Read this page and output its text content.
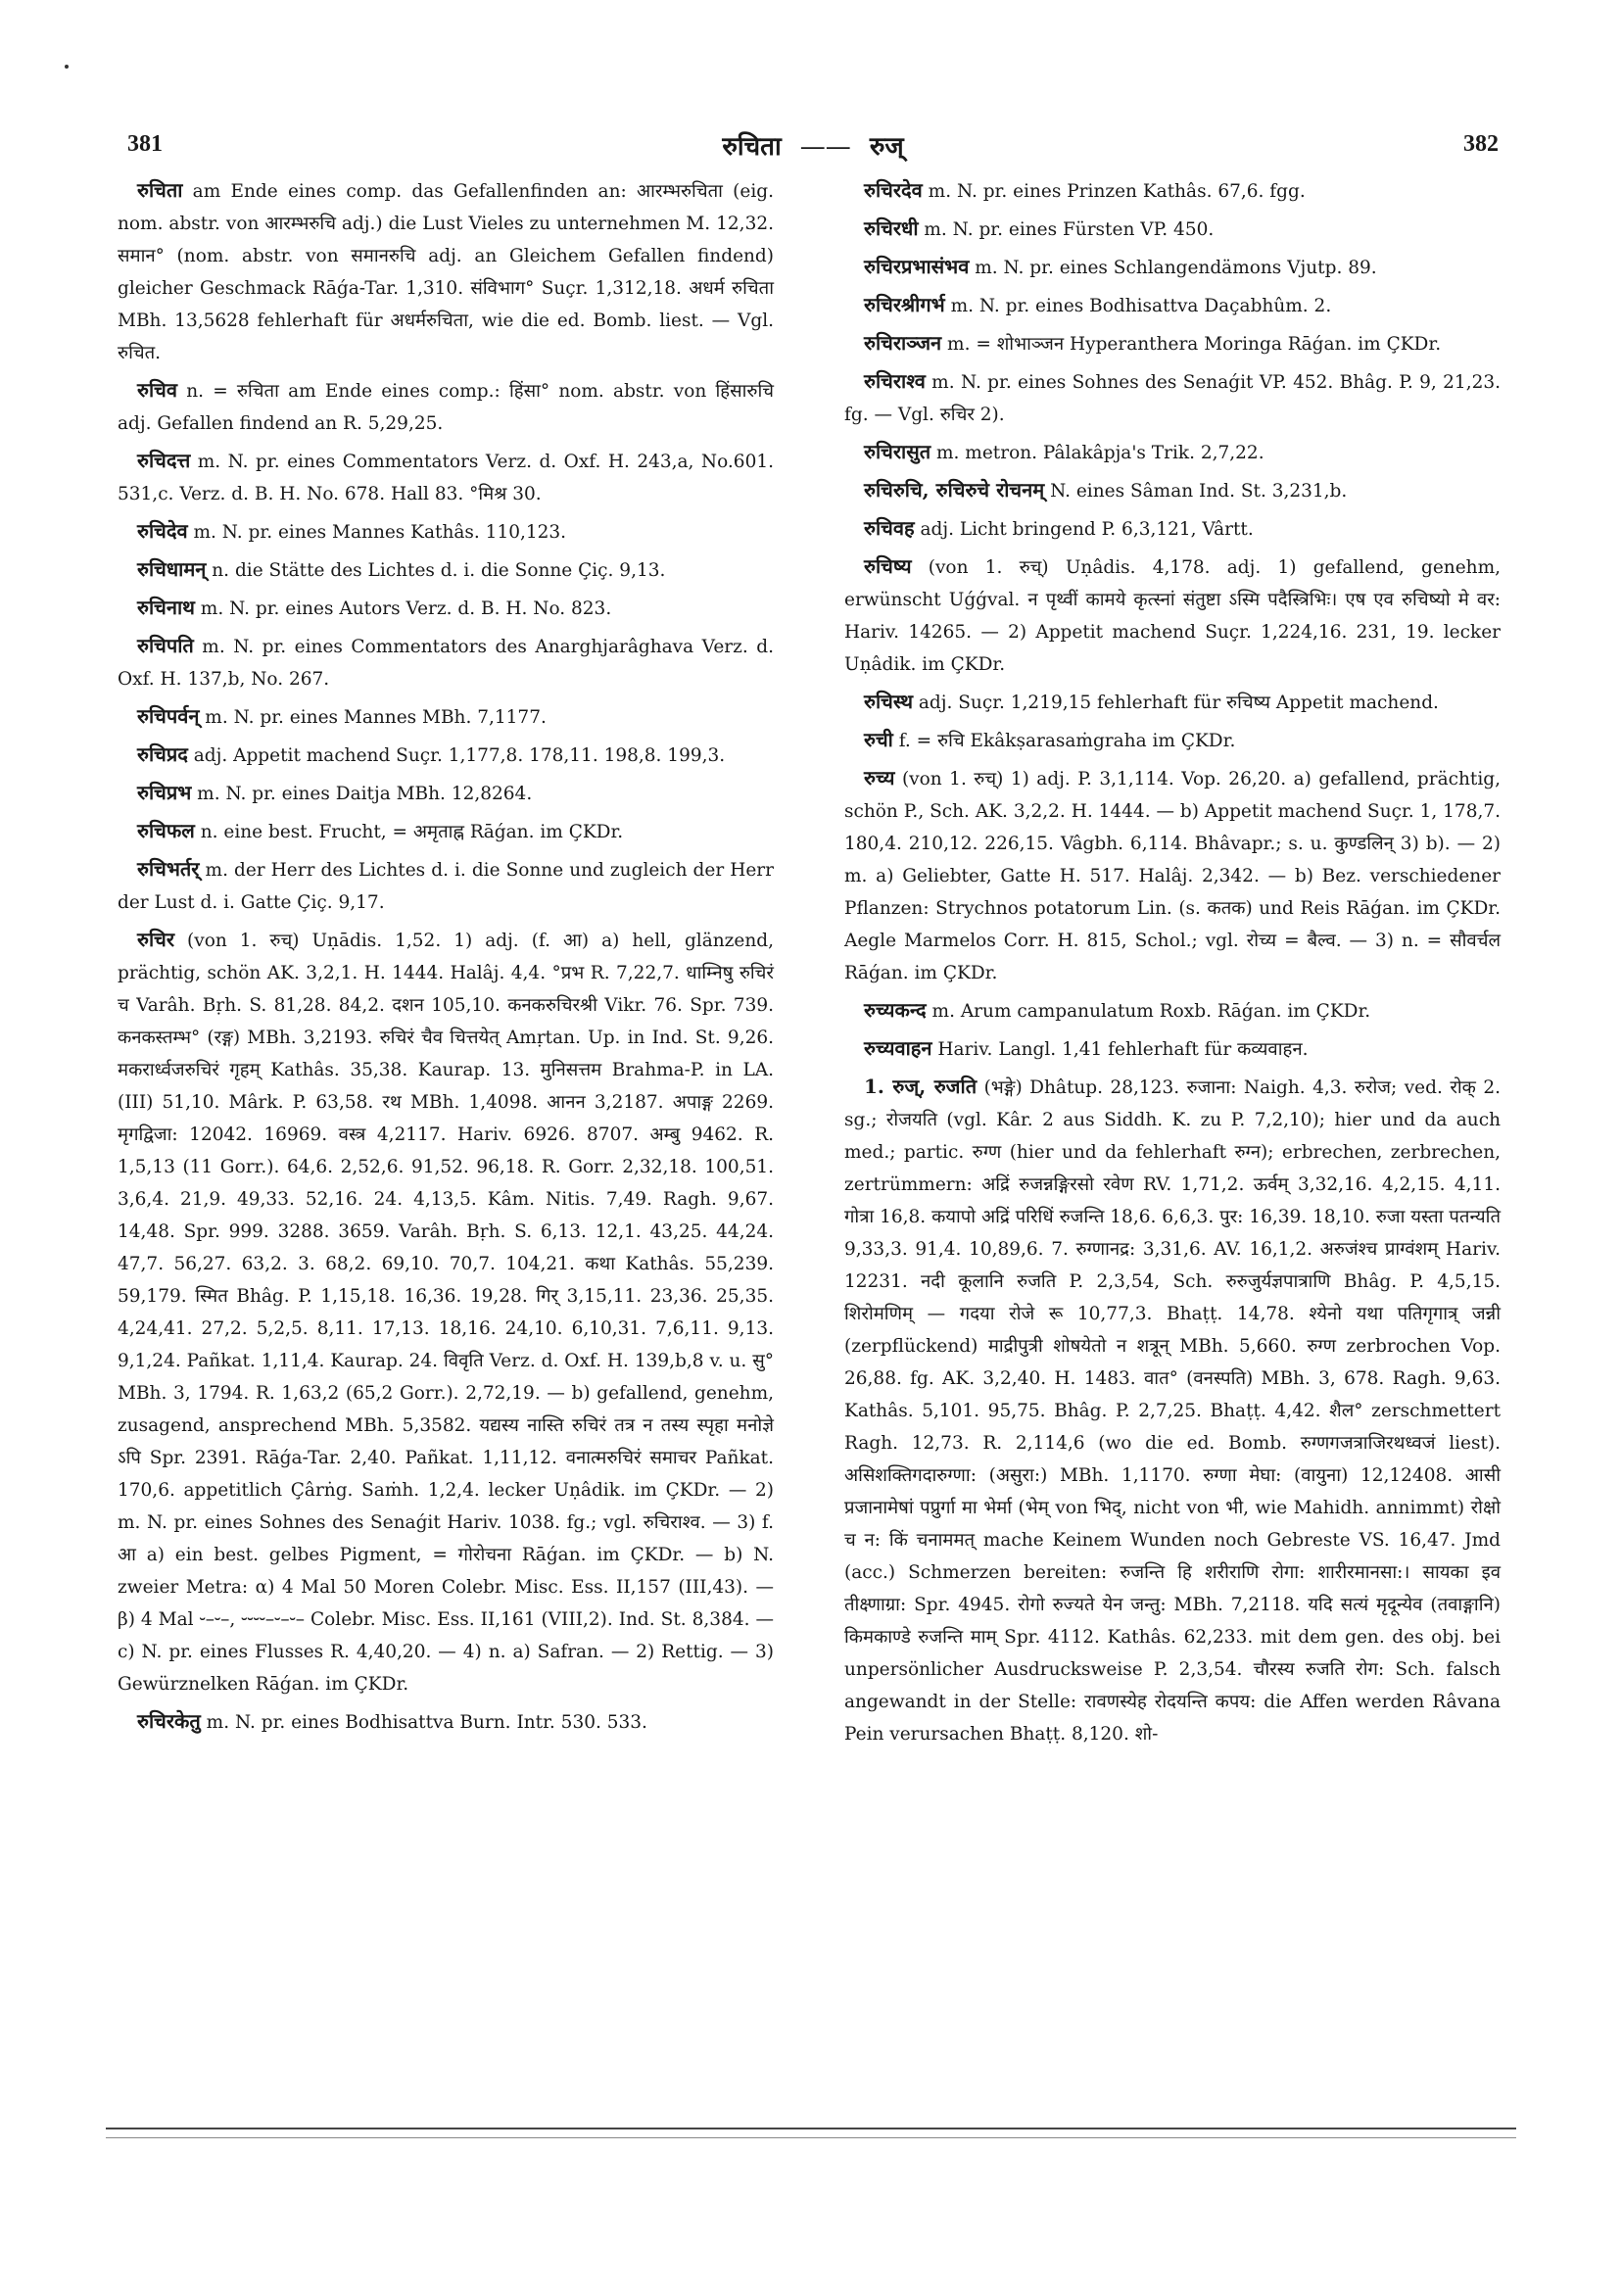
381	रुचिता —— रुज्	382

रुचिता am Ende eines comp. das Gefallenfinden an: आरम्भरुचिता (eig. nom. abstr. von आरम्भरुचि adj.) die Lust Vieles zu unternehmen M. 12,32. समान° (nom. abstr. von समानरुचि adj. an Gleichem Gefallen findend) gleicher Geschmack Rāǵa-Tar. 1,310. संविभाग° Suçr. 1,312,18. अधर्म रुचिता MBh. 13,5628 fehlerhaft für अधर्मरुचिता, wie die ed. Bomb. liest. — Vgl. रुचित.

रुचिव n. = रुचिता am Ende eines comp.: हिंसा° nom. abstr. von हिंसारुचि adj. Gefallen findend an R. 5,29,25.

रुचिदत्त m. N. pr. eines Commentators Verz. d. Oxf. H. 243,a, No.601. 531,c. Verz. d. B. H. No. 678. Hall 83. °मिश्र 30.

रुचिदेव m. N. pr. eines Mannes Kathâs. 110,123.

रुचिधामन् n. die Stätte des Lichtes d. i. die Sonne Çiç. 9,13.

रुचिनाथ m. N. pr. eines Autors Verz. d. B. H. No. 823.

रुचिपति m. N. pr. eines Commentators des Anarghjarâghava Verz. d. Oxf. H. 137,b, No. 267.

रुचिपर्वन् m. N. pr. eines Mannes MBh. 7,1177.

रुचिप्रद adj. Appetit machend Suçr. 1,177,8. 178,11. 198,8. 199,3.

रुचिप्रभ m. N. pr. eines Daitja MBh. 12,8264.

रुचिफल n. eine best. Frucht, = अमृताह्न Rāǵan. im ÇKDr.

रुचिभर्तर् m. der Herr des Lichtes d. i. die Sonne und zugleich der Herr der Lust d. i. Gatte Çiç. 9,17.

रुचिर (von 1. रुच्) Uṇādis. 1,52. 1) adj. (f. आ) a) hell, glänzend, prächtig, schön AK. 3,2,1. H. 1444. Halâj. 4,4. °प्रभ R. 7,22,7. धाम्निषु रुचिरं च Varâh. Bṛh. S. 81,28. 84,2. दशन 105,10. कनकरुचिरश्री Vikr. 76. Spr. 739. कनकस्तम्भ° (रङ्ग) MBh. 3,2193. रुचिरं चैव चित्तयेत् Amṛtan. Up. in Ind. St. 9,26. मकरार्ध्वजरुचिरं गृहम् Kathâs. 35,38. Kaurap. 13. मुनिसत्तम Brahma-P. in LA. (III) 51,10. Mârk. P. 63,58. रथ MBh. 1,4098. आनन 3,2187. अपाङ्ग 2269. मृगद्विजा: 12042. 16969. वस्त्र 4,2117. Hariv. 6926. 8707. अम्बु 9462. R. 1,5,13 (11 Gorr.). 64,6. 2,52,6. 91,52. 96,18. R. Gorr. 2,32,18. 100,51. 3,6,4. 21,9. 49,33. 52,16. 24. 4,13,5. Kâm. Nitis. 7,49. Ragh. 9,67. 14,48. Spr. 999. 3288. 3659. Varâh. Bṛh. S. 6,13. 12,1. 43,25. 44,24. 47,7. 56,27. 63,2. 3. 68,2. 69,10. 70,7. 104,21. कथा Kathâs. 55,239. 59,179. स्मित Bhâg. P. 1,15,18. 16,36. 19,28. गिर् 3,15,11. 23,36. 25,35. 4,24,41. 27,2. 5,2,5. 8,11. 17,13. 18,16. 24,10. 6,10,31. 7,6,11. 9,13. 9,1,24. Pañkat. 1,11,4. Kaurap. 24. विवृति Verz. d. Oxf. H. 139,b,8 v. u. सु° MBh. 3, 1794. R. 1,63,2 (65,2 Gorr.). 2,72,19. — b) gefallend, genehm, zusagend, ansprechend MBh. 5,3582. यद्यस्य नास्ति रुचिरं तत्र न तस्य स्पृहा मनोज्ञे ऽपि Spr. 2391. Rāǵa-Tar. 2,40. Pañkat. 1,11,12. वनात्मरुचिरं समाचर Pañkat. 170,6. appetitlich Çârṅg. Saṁh. 1,2,4. lecker Uṇâdik. im ÇKDr. — 2) m. N. pr. eines Sohnes des Senaǵit Hariv. 1038. fg.; vgl. रुचिराश्व. — 3) f. आ a) ein best. gelbes Pigment, = गोरोचना Rāǵan. im ÇKDr. — b) N. zweier Metra: α) 4 Mal 50 Moren Colebr. Misc. Ess. II,157 (III,43). — β) 4 Mal ⏑–⏑–, ⏑⏑⏑⏑–⏑–⏑– Colebr. Misc. Ess. II,161 (VIII,2). Ind. St. 8,384. — c) N. pr. eines Flusses R. 4,40,20. — 4) n. a) Safran. — 2) Rettig. — 3) Gewürznelken Rāǵan. im ÇKDr.

रुचिरकेतु m. N. pr. eines Bodhisattva Burn. Intr. 530. 533.

रुचिरदेव m. N. pr. eines Prinzen Kathâs. 67,6. fgg.

रुचिरधी m. N. pr. eines Fürsten VP. 450.

रुचिरप्रभासंभव m. N. pr. eines Schlangendämons Vjutp. 89.

रुचिरश्रीगर्भ m. N. pr. eines Bodhisattva Daçabhûm. 2.

रुचिराञ्जन m. = शोभाञ्जन Hyperanthera Moringa Rāǵan. im ÇKDr.

रुचिराश्व m. N. pr. eines Sohnes des Senaǵit VP. 452. Bhâg. P. 9, 21,23. fg. — Vgl. रुचिर 2).

रुचिरासुत m. metron. Pâlakâpja's Trik. 2,7,22.

रुचिरुचि, रुचिरुचे रोचनम् N. eines Sâman Ind. St. 3,231,b.

रुचिवह adj. Licht bringend P. 6,3,121, Vârtt.

रुचिष्य (von 1. रुच्) Uṇâdis. 4,178. adj. 1) gefallend, genehm, erwünscht Uǵǵval. न पृथ्वीं कामये कृत्स्नां संतुष्टा ऽस्मि पदैस्त्रिभिः। एष एव रुचिष्यो मे वर: Hariv. 14265. — 2) Appetit machend Suçr. 1,224,16. 231, 19. lecker Uṇâdik. im ÇKDr.

रुचिस्थ adj. Suçr. 1,219,15 fehlerhaft für रुचिष्य Appetit machend.

रुची f. = रुचि Ekâkṣarasaṁgraha im ÇKDr.

रुच्य (von 1. रुच्) 1) adj. P. 3,1,114. Vop. 26,20. a) gefallend, prächtig, schön P., Sch. AK. 3,2,2. H. 1444. — b) Appetit machend Suçr. 1, 178,7. 180,4. 210,12. 226,15. Vâgbh. 6,114. Bhâvapr.; s. u. कुण्डलिन् 3) b). — 2) m. a) Geliebter, Gatte H. 517. Halâj. 2,342. — b) Bez. verschiedener Pflanzen: Strychnos potatorum Lin. (s. कतक) und Reis Rāǵan. im ÇKDr. Aegle Marmelos Corr. H. 815, Schol.; vgl. रोच्य = बैल्व. — 3) n. = सौवर्चल Rāǵan. im ÇKDr.

रुच्यकन्द m. Arum campanulatum Roxb. Rāǵan. im ÇKDr.

रुच्यवाहन Hariv. Langl. 1,41 fehlerhaft für कव्यवाहन.

1. रुज्, रुजति (भङ्गे) Dhâtup. 28,123. रुजाना: Naigh. 4,3. रुरोज; ved. रोक् 2. sg.; रोजयति (vgl. Kâr. 2 aus Siddh. K. zu P. 7,2,10); hier und da auch med.; partic. रुग्ण (hier und da fehlerhaft रुग्न); erbrechen, zerbrechen, zertrümmern: अद्रिं रुजन्नङ्गिरसो रवेण RV. 1,71,2. ऊर्वम् 3,32,16. 4,2,15. 4,11. गोत्रा 16,8. कयापो अद्रिं परिधिं रुजन्ति 18,6. 6,6,3. पुर: 16,39. 18,10. रुजा यस्ता पतन्यति 9,33,3. 91,4. 10,89,6. 7. रुग्णानद्र: 3,31,6. AV. 16,1,2. अरुजंश्च प्राग्वंशम् Hariv. 12231. नदी कूलानि रुजति P. 2,3,54, Sch. रुरुजुर्यज्ञपात्राणि Bhâg. P. 4,5,15. शिरोमणिम् — गदया रोजे रू 10,77,3. Bhaṭṭ. 14,78. श्येनो यथा पतिगृगात्र् जन्नी (zerpflückend) माद्रीपुत्री शोषयेतो न शत्रून् MBh. 5,660. रुग्ण zerbrochen Vop. 26,88. fg. AK. 3,2,40. H. 1483. वात° (वनस्पति) MBh. 3, 678. Ragh. 9,63. Kathâs. 5,101. 95,75. Bhâg. P. 2,7,25. Bhaṭṭ. 4,42. शैल° zerschmettert Ragh. 12,73. R. 2,114,6 (wo die ed. Bomb. रुग्णगजत्राजिरथध्वजं liest). असिशक्तिगदारुग्णा: (असुरा:) MBh. 1,1170. रुग्णा मेघा: (वायुना) 12,12408. आसी प्रजानामेषां पप्रुर्गा मा भेर्मा (भेम् von भिद्, nicht von भी, wie Mahidh. annimmt) रोक्षो च न: किं चनाममत् mache Keinem Wunden noch Gebreste VS. 16,47. Jmd (acc.) Schmerzen bereiten: रुजन्ति हि शरीराणि रोगा: शारीरमानसा:। सायका इव तीक्ष्णाग्रा: Spr. 4945. रोगो रुज्यते येन जन्तु: MBh. 7,2118. यदि सत्यं मृदून्येव (तवाङ्गानि) किमकाण्डे रुजन्ति माम् Spr. 4112. Kathâs. 62,233. mit dem gen. des obj. bei unpersönlicher Ausdrucksweise P. 2,3,54. चौरस्य रुजति रोग: Sch. falsch angewandt in der Stelle: रावणस्येह रोदयन्ति कपय: die Affen werden Râvana Pein verursachen Bhaṭṭ. 8,120. शो-
